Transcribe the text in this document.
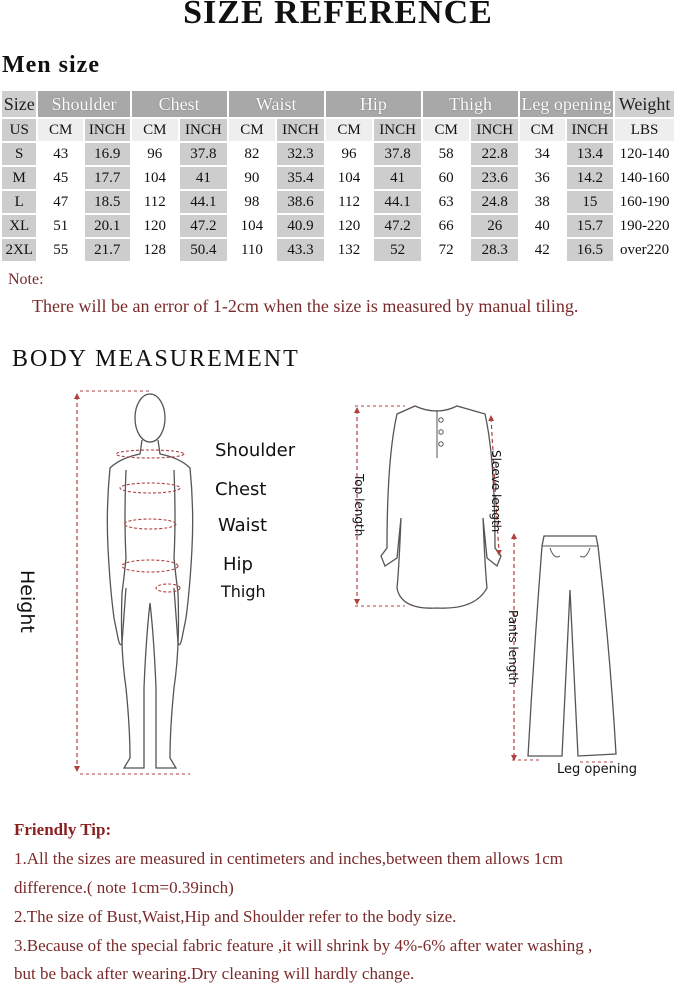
SIZE REFERENCE
Men size
Size	Shoulder		Chest		Waist		Hip		Thigh		Leg opening		Weight
US	CM	INCH	CM	INCH	CM	INCH	CM	INCH	CM	INCH	CM	INCH	LBS
S	43	16.9	96	37.8	82	32.3	96	37.8	58	22.8	34	13.4	120-140
M	45	17.7	104	41	90	35.4	104	41	60	23.6	36	14.2	140-160
L	47	18.5	112	44.1	98	38.6	112	44.1	63	24.8	38	15	160-190
XL	51	20.1	120	47.2	104	40.9	120	47.2	66	26	40	15.7	190-220
2XL	55	21.7	128	50.4	110	43.3	132	52	72	28.3	42	16.5	over220
Note:
There will be an error of 1-2cm when the size is measured by manual tiling.
BODY MEASUREMENT
Shoulder
Chest
Waist
Hip
Thigh
Height
Top length	Sleeve length
Pants length
Leg opening
Friendly Tip:
1.All the sizes are measured in centimeters and inches,between them allows 1cm
difference.( note 1cm=0.39inch)
2.The size of Bust,Waist,Hip and Shoulder refer to the body size.
3.Because of the special fabric feature ,it will shrink by 4%-6% after water washing ,
but be back after wearing.Dry cleaning will hardly change.
